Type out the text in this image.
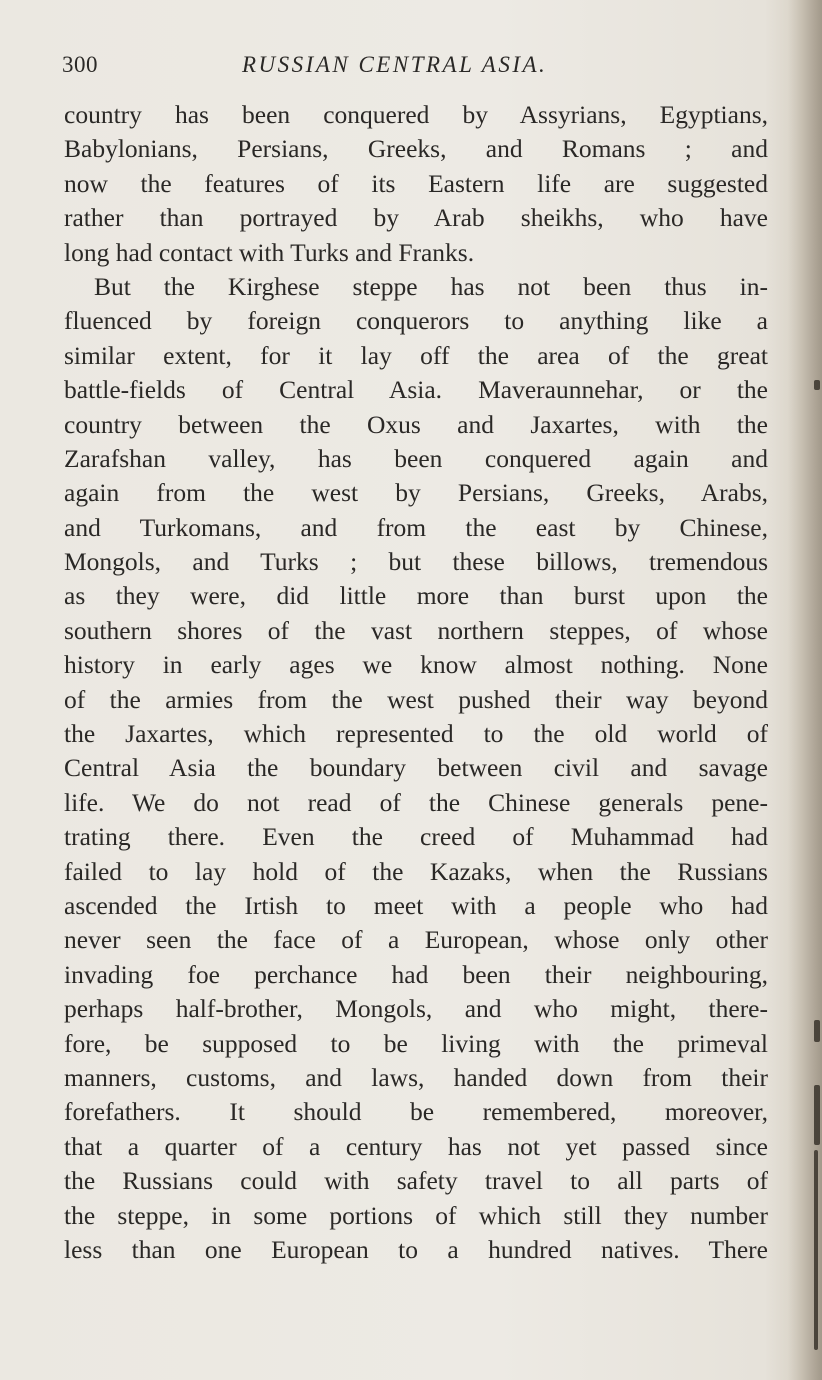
300	RUSSIAN CENTRAL ASIA.
country has been conquered by Assyrians, Egyptians,
Babylonians, Persians, Greeks, and Romans ; and
now the features of its Eastern life are suggested
rather than portrayed by Arab sheikhs, who have
long had contact with Turks and Franks.
But the Kirghese steppe has not been thus in-
fluenced by foreign conquerors to anything like a
similar extent, for it lay off the area of the great
battle-fields of Central Asia. Maveraunnehar, or the
country between the Oxus and Jaxartes, with the
Zarafshan valley, has been conquered again and
again from the west by Persians, Greeks, Arabs,
and Turkomans, and from the east by Chinese,
Mongols, and Turks ; but these billows, tremendous
as they were, did little more than burst upon the
southern shores of the vast northern steppes, of whose
history in early ages we know almost nothing. None
of the armies from the west pushed their way beyond
the Jaxartes, which represented to the old world of
Central Asia the boundary between civil and savage
life. We do not read of the Chinese generals pene-
trating there. Even the creed of Muhammad had
failed to lay hold of the Kazaks, when the Russians
ascended the Irtish to meet with a people who had
never seen the face of a European, whose only other
invading foe perchance had been their neighbouring,
perhaps half-brother, Mongols, and who might, there-
fore, be supposed to be living with the primeval
manners, customs, and laws, handed down from their
forefathers. It should be remembered, moreover,
that a quarter of a century has not yet passed since
the Russians could with safety travel to all parts of
the steppe, in some portions of which still they number
less than one European to a hundred natives. There
